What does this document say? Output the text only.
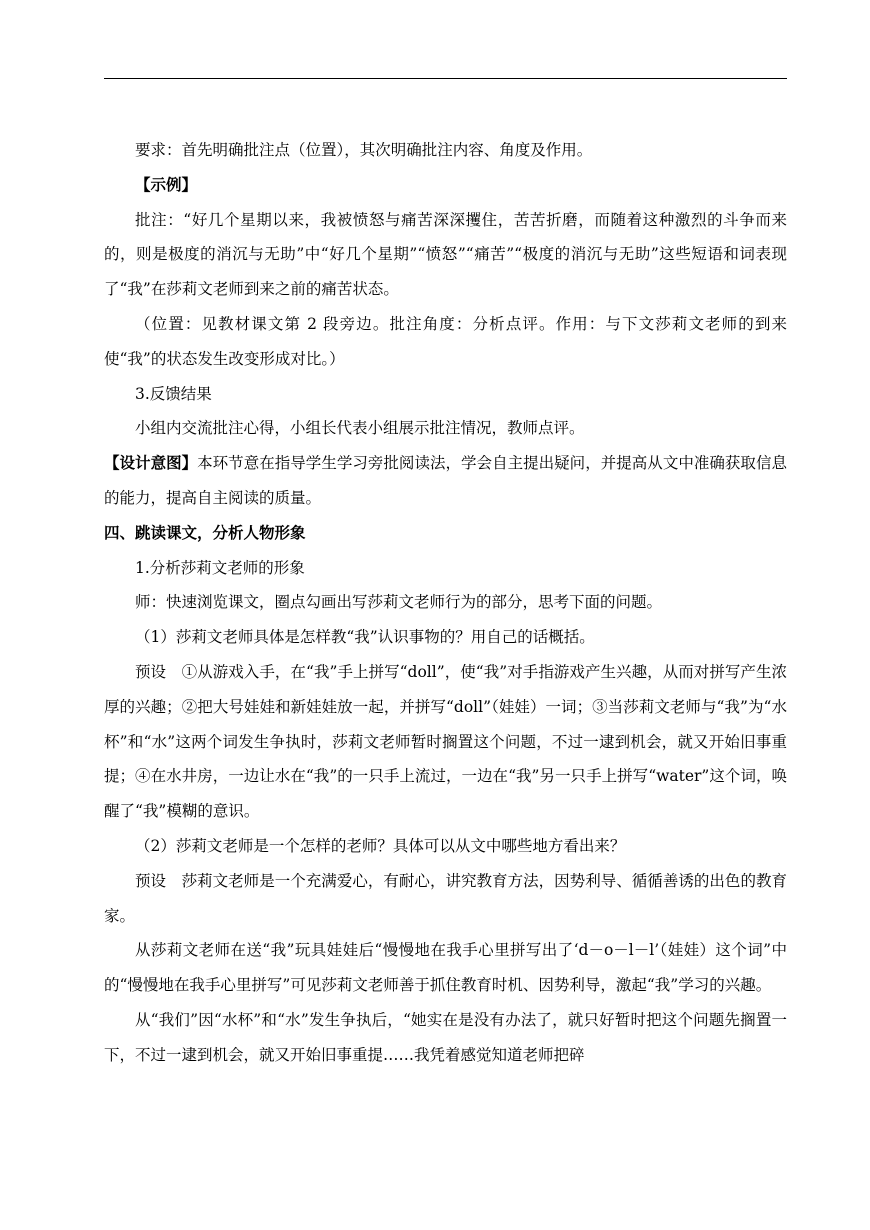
要求：首先明确批注点（位置），其次明确批注内容、角度及作用。

【示例】

批注：“好几个星期以来，我被愤怒与痛苦深深攫住，苦苦折磨，而随着这种激烈的斗争而来的，则是极度的消沉与无助”中“好几个星期”“愤怒”“痛苦”“极度的消沉与无助”这些短语和词表现了“我”在莎莉文老师到来之前的痛苦状态。

（位置：见教材课文第 2 段旁边。批注角度：分析点评。作用：与下文莎莉文老师的到来使“我”的状态发生改变形成对比。）

3.反馈结果

小组内交流批注心得，小组长代表小组展示批注情况，教师点评。

【设计意图】本环节意在指导学生学习旁批阅读法，学会自主提出疑问，并提高从文中准确获取信息的能力，提高自主阅读的质量。

四、跳读课文，分析人物形象

1.分析莎莉文老师的形象

师：快速浏览课文，圈点勾画出写莎莉文老师行为的部分，思考下面的问题。

（1）莎莉文老师具体是怎样教“我”认识事物的？用自己的话概括。

预设　①从游戏入手，在“我”手上拼写“doll”，使“我”对手指游戏产生兴趣，从而对拼写产生浓厚的兴趣；②把大号娃娃和新娃娃放一起，并拼写“doll”（娃娃）一词；③当莎莉文老师与“我”为“水杯”和“水”这两个词发生争执时，莎莉文老师暂时搁置这个问题，不过一逮到机会，就又开始旧事重提；④在水井房，一边让水在“我”的一只手上流过，一边在“我”另一只手上拼写“water”这个词，唤醒了“我”模糊的意识。

（2）莎莉文老师是一个怎样的老师？具体可以从文中哪些地方看出来？

预设　莎莉文老师是一个充满爱心，有耐心，讲究教育方法，因势利导、循循善诱的出色的教育家。

从莎莉文老师在送“我”玩具娃娃后“慢慢地在我手心里拼写出了‘d－o－l－l’（娃娃）这个词”中的“慢慢地在我手心里拼写”可见莎莉文老师善于抓住教育时机、因势利导，激起“我”学习的兴趣。

从“我们”因“水杯”和“水”发生争执后，“她实在是没有办法了，就只好暂时把这个问题先搁置一下，不过一逮到机会，就又开始旧事重提……我凭着感觉知道老师把碎
